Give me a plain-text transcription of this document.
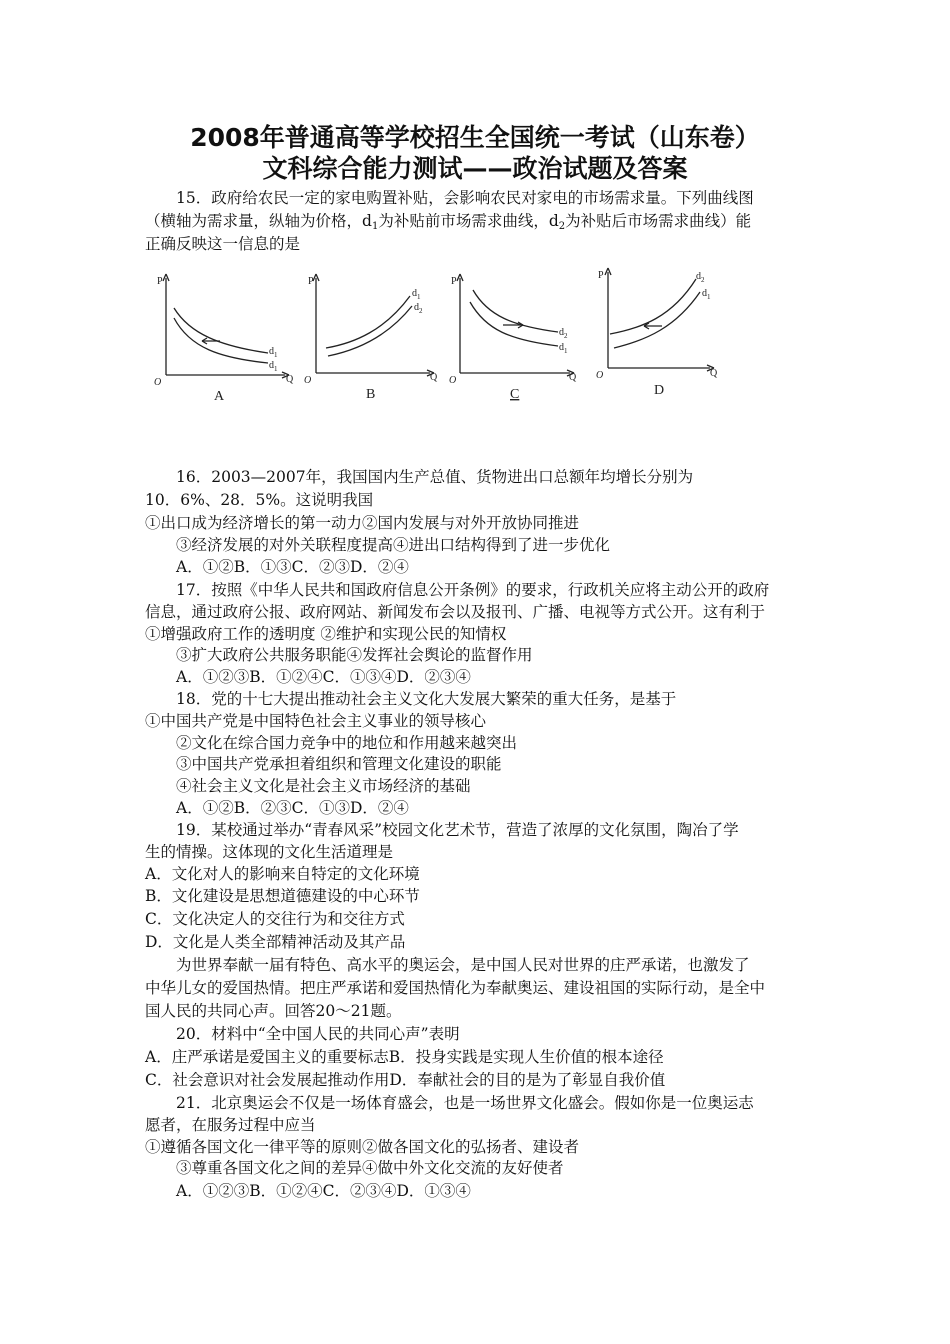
2008年普通高等学校招生全国统一考试（山东卷）
文科综合能力测试——政治试题及答案
15．政府给农民一定的家电购置补贴，会影响农民对家电的市场需求量。下列曲线图
（横轴为需求量，纵轴为价格，$d_1$为补贴前市场需求曲线，$d_2$为补贴后市场需求曲线）能
正确反映这一信息的是
P
Q
O
$d_1$
$d_1$
A
P
Q
O
$d_1$
$d_2$
B
P
Q
O
$d_2$
$d_1$
C
P
Q
O
$d_2$
$d_1$
D
16．2003—2007年，我国国内生产总值、货物进出口总额年均增长分别为
10．6%、28．5%。这说明我国
①出口成为经济增长的第一动力②国内发展与对外开放协同推进
③经济发展的对外关联程度提高④进出口结构得到了进一步优化
A．①②B．①③C．②③D．②④
17．按照《中华人民共和国政府信息公开条例》的要求，行政机关应将主动公开的政府
信息，通过政府公报、政府网站、新闻发布会以及报刊、广播、电视等方式公开。这有利于
①增强政府工作的透明度 ②维护和实现公民的知情权
③扩大政府公共服务职能④发挥社会舆论的监督作用
A．①②③B．①②④C．①③④D．②③④
18．党的十七大提出推动社会主义文化大发展大繁荣的重大任务，是基于
①中国共产党是中国特色社会主义事业的领导核心
②文化在综合国力竞争中的地位和作用越来越突出
③中国共产党承担着组织和管理文化建设的职能
④社会主义文化是社会主义市场经济的基础
A．①②B．②③C．①③D．②④
19．某校通过举办“青春风采”校园文化艺术节，营造了浓厚的文化氛围，陶冶了学
生的情操。这体现的文化生活道理是
A．文化对人的影响来自特定的文化环境
B．文化建设是思想道德建设的中心环节
C．文化决定人的交往行为和交往方式
D．文化是人类全部精神活动及其产品
为世界奉献一届有特色、高水平的奥运会，是中国人民对世界的庄严承诺，也激发了
中华儿女的爱国热情。把庄严承诺和爱国热情化为奉献奥运、建设祖国的实际行动，是全中
国人民的共同心声。回答20～21题。
20．材料中“全中国人民的共同心声”表明
A．庄严承诺是爱国主义的重要标志B．投身实践是实现人生价值的根本途径
C．社会意识对社会发展起推动作用D．奉献社会的目的是为了彰显自我价值
21．北京奥运会不仅是一场体育盛会，也是一场世界文化盛会。假如你是一位奥运志
愿者，在服务过程中应当
①遵循各国文化一律平等的原则②做各国文化的弘扬者、建设者
③尊重各国文化之间的差异④做中外文化交流的友好使者
A．①②③B．①②④C．②③④D．①③④
